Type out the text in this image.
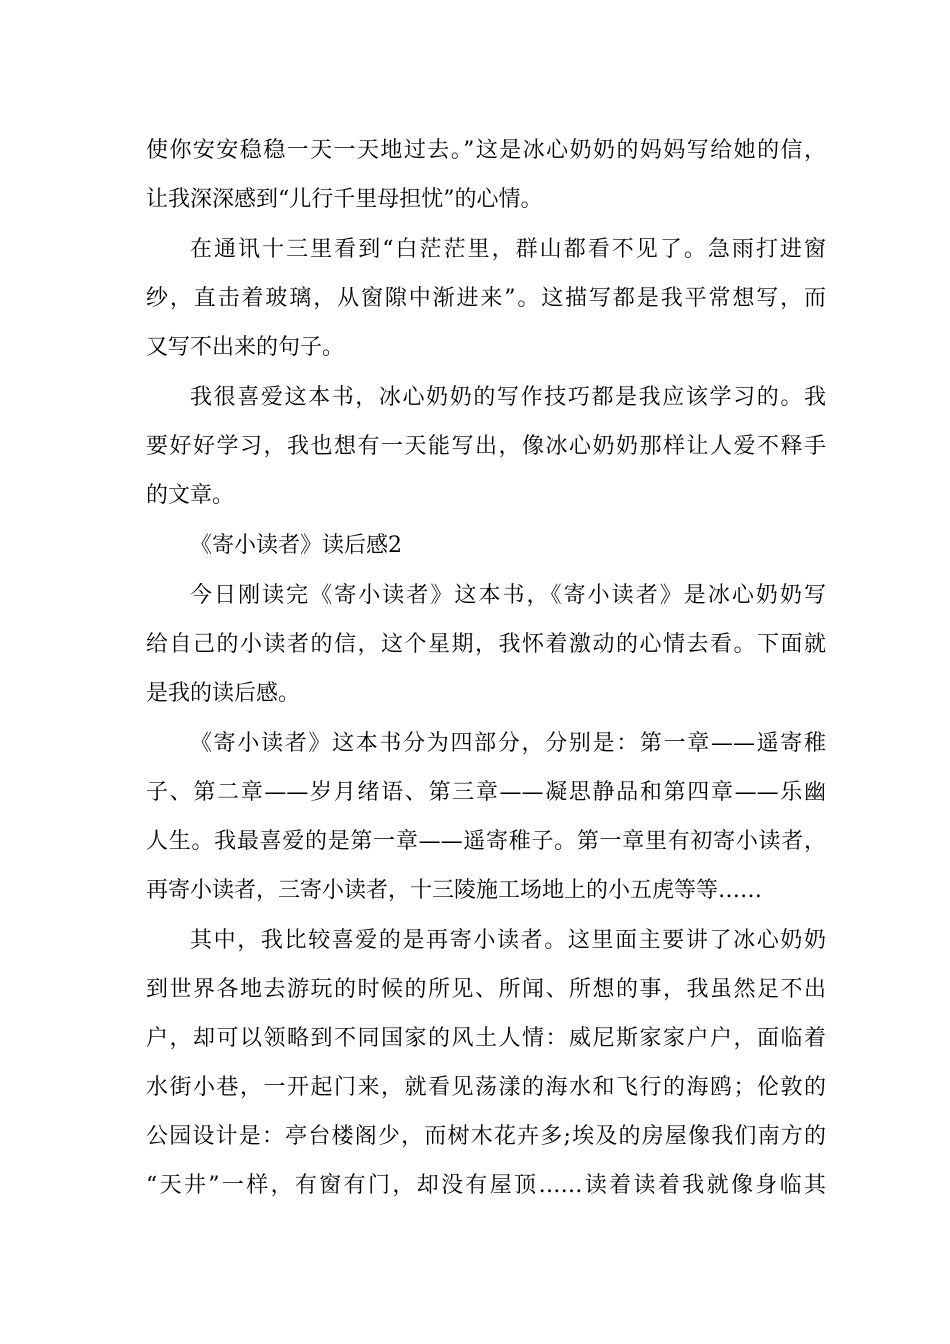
使你安安稳稳一天一天地过去。”这是冰心奶奶的妈妈写给她的信，
让我深深感到“儿行千里母担忧”的心情。
在通讯十三里看到“白茫茫里，群山都看不见了。急雨打进窗
纱，直击着玻璃，从窗隙中渐进来”。这描写都是我平常想写，而
又写不出来的句子。
我很喜爱这本书，冰心奶奶的写作技巧都是我应该学习的。我
要好好学习，我也想有一天能写出，像冰心奶奶那样让人爱不释手
的文章。
《寄小读者》读后感2
今日刚读完《寄小读者》这本书，《寄小读者》是冰心奶奶写
给自己的小读者的信，这个星期，我怀着激动的心情去看。下面就
是我的读后感。
《寄小读者》这本书分为四部分，分别是：第一章——遥寄稚
子、第二章——岁月绪语、第三章——凝思静品和第四章——乐幽
人生。我最喜爱的是第一章——遥寄稚子。第一章里有初寄小读者，
再寄小读者，三寄小读者，十三陵施工场地上的小五虎等等……
其中，我比较喜爱的是再寄小读者。这里面主要讲了冰心奶奶
到世界各地去游玩的时候的所见、所闻、所想的事，我虽然足不出
户，却可以领略到不同国家的风土人情：威尼斯家家户户，面临着
水街小巷，一开起门来，就看见荡漾的海水和飞行的海鸥；伦敦的
公园设计是：亭台楼阁少，而树木花卉多;埃及的房屋像我们南方的
“天井”一样，有窗有门，却没有屋顶……读着读着我就像身临其
